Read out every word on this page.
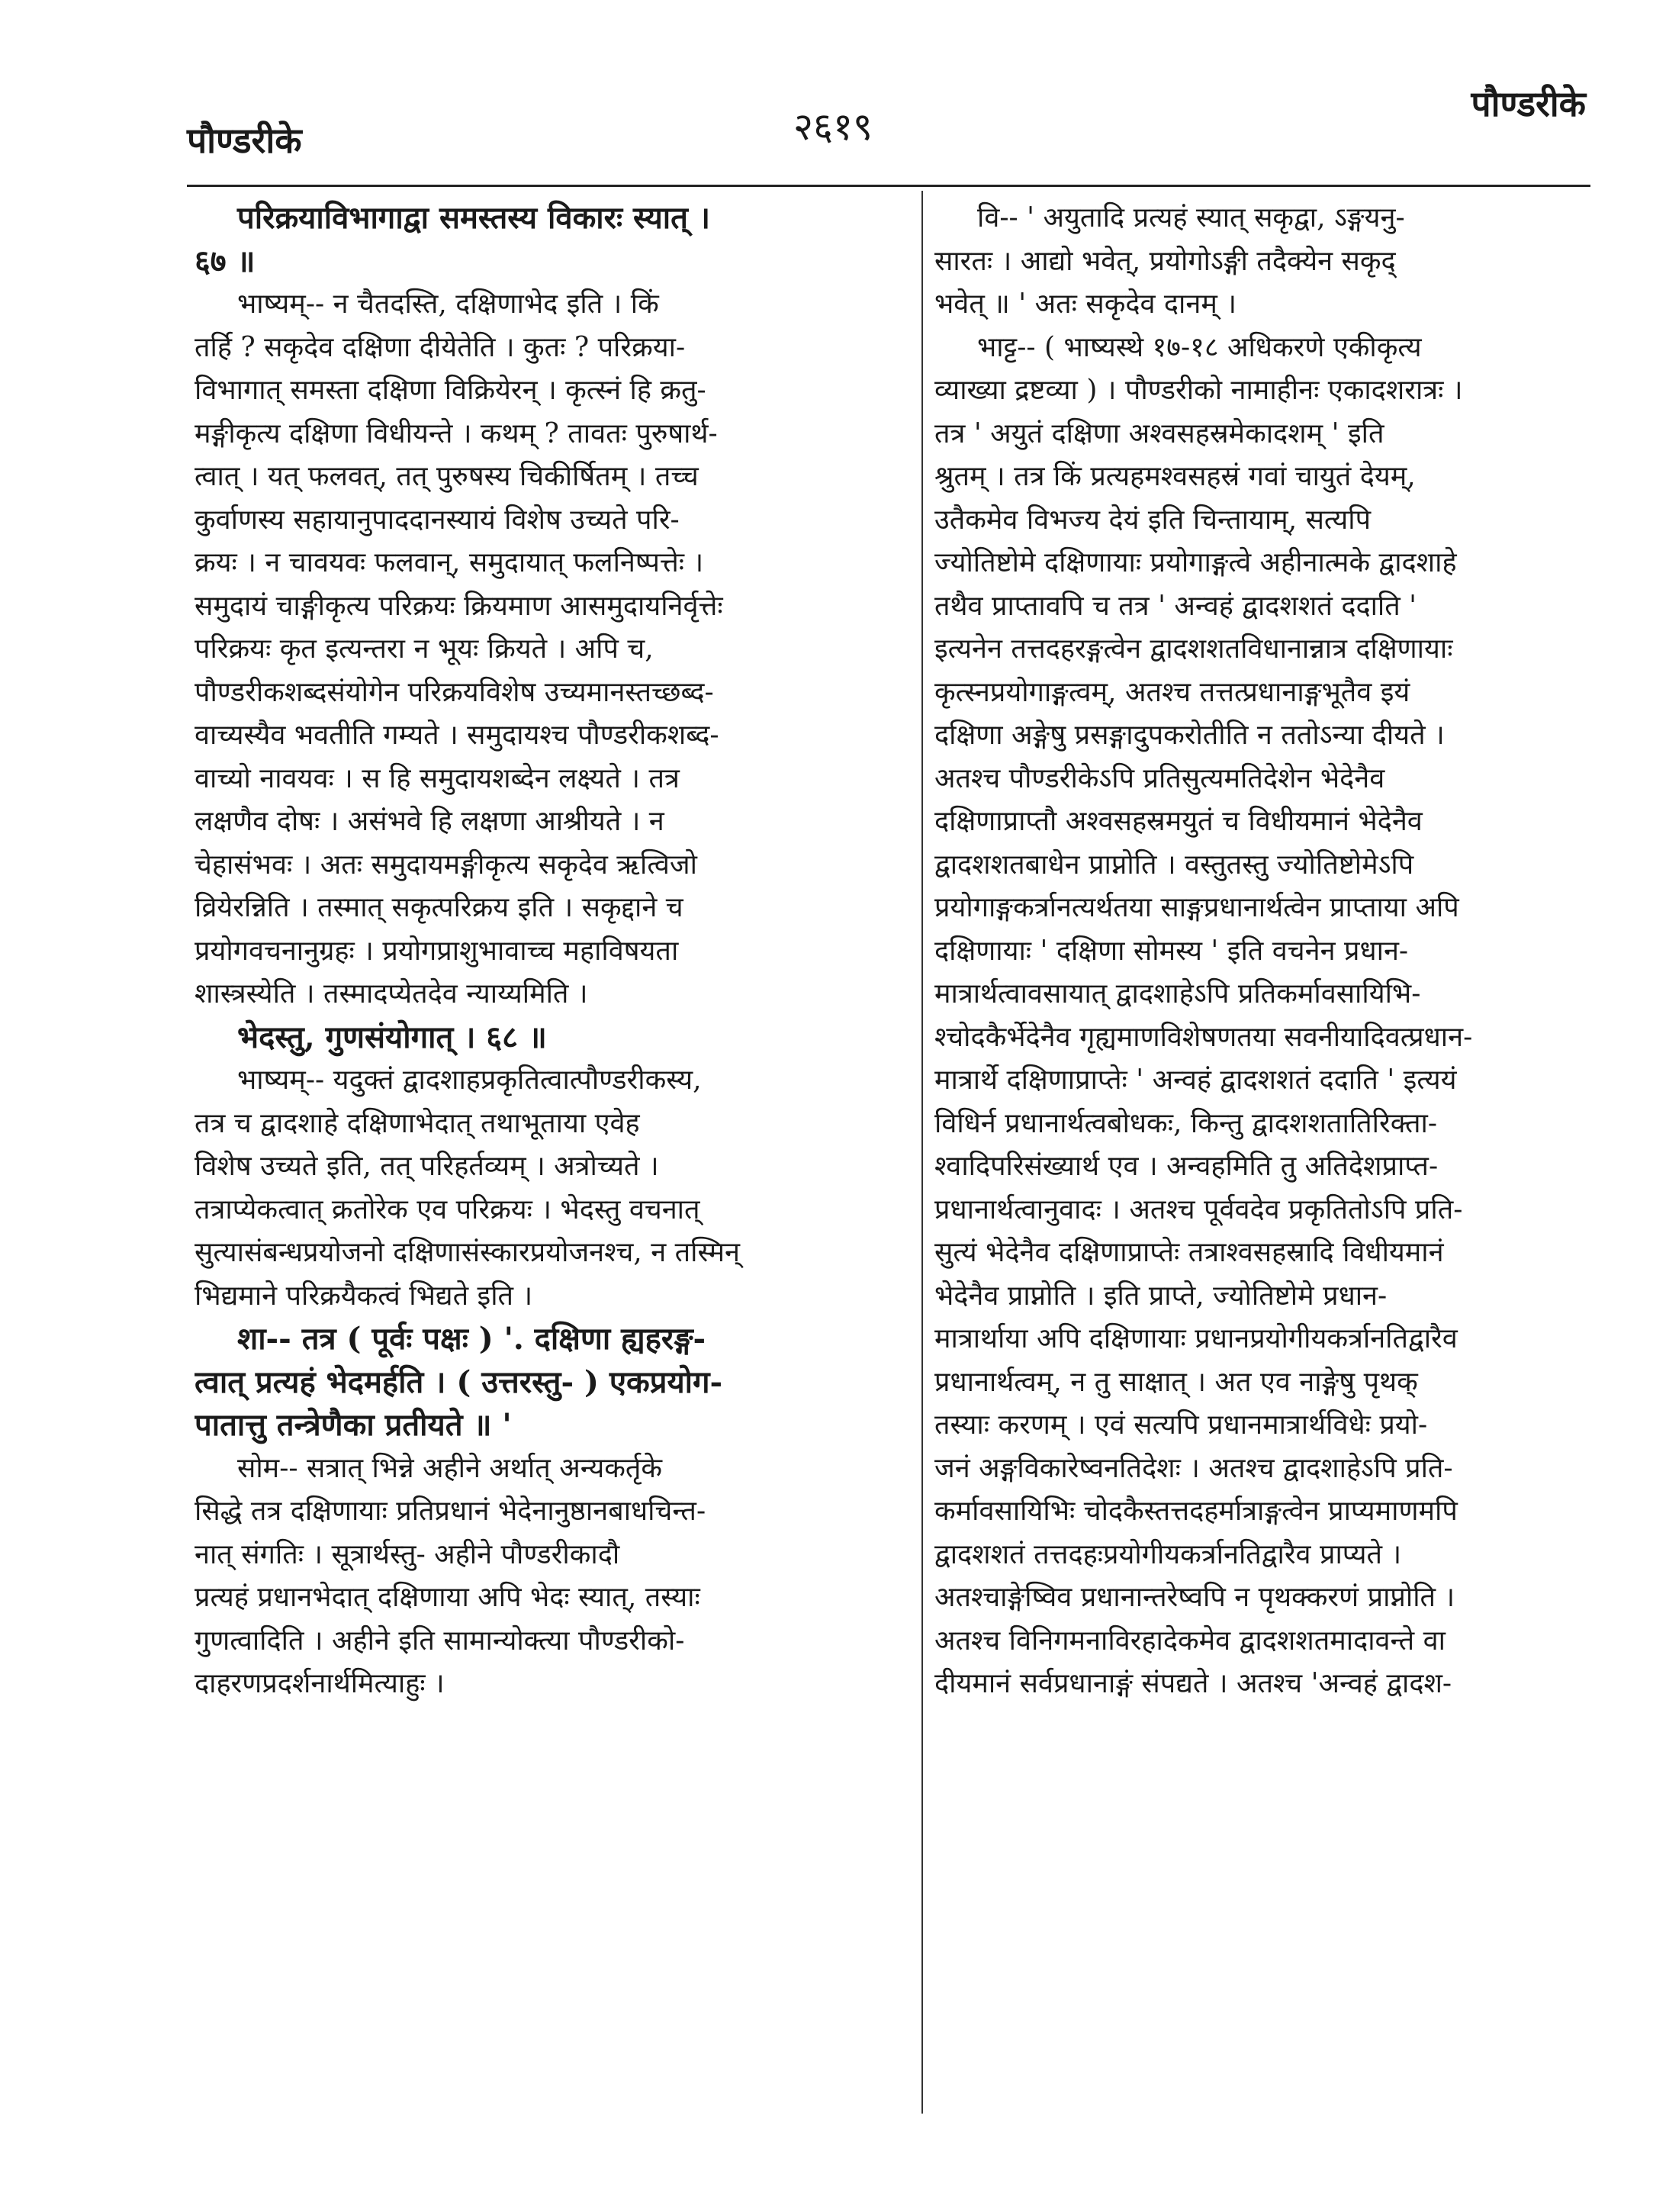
पौण्डरीके	२६१९
पौण्डरीके
परिक्रयाविभागाद्वा समस्तस्य विकारः स्यात् ।
६७ ॥
भाष्यम्-- न चैतदस्ति, दक्षिणाभेद इति । किं
तर्हि ? सकृदेव दक्षिणा दीयेतेति । कुतः ? परिक्रया-
विभागात् समस्ता दक्षिणा विक्रियेरन् । कृत्स्नं हि क्रतु-
मङ्गीकृत्य दक्षिणा विधीयन्ते । कथम् ? तावतः पुरुषार्थ-
त्वात् । यत् फलवत्, तत् पुरुषस्य चिकीर्षितम् । तच्च
कुर्वाणस्य सहायानुपाददानस्यायं विशेष उच्यते परि-
क्रयः । न चावयवः फलवान्, समुदायात् फलनिष्पत्तेः ।
समुदायं चाङ्गीकृत्य परिक्रयः क्रियमाण आसमुदायनिर्वृत्तेः
परिक्रयः कृत इत्यन्तरा न भूयः क्रियते । अपि च,
पौण्डरीकशब्दसंयोगेन परिक्रयविशेष उच्यमानस्तच्छब्द-
वाच्यस्यैव भवतीति गम्यते । समुदायश्च पौण्डरीकशब्द-
वाच्यो नावयवः । स हि समुदायशब्देन लक्ष्यते । तत्र
लक्षणैव दोषः । असंभवे हि लक्षणा आश्रीयते । न
चेहासंभवः । अतः समुदायमङ्गीकृत्य सकृदेव ऋत्विजो
व्रियेरन्निति । तस्मात् सकृत्परिक्रय इति । सकृद्दाने च
प्रयोगवचनानुग्रहः । प्रयोगप्राशुभावाच्च महाविषयता
शास्त्रस्येति । तस्मादप्येतदेव न्याय्यमिति ।
भेदस्तु, गुणसंयोगात् । ६८ ॥
भाष्यम्-- यदुक्तं द्वादशाहप्रकृतित्वात्पौण्डरीकस्य,
तत्र च द्वादशाहे दक्षिणाभेदात् तथाभूताया एवेह
विशेष उच्यते इति, तत् परिहर्तव्यम् । अत्रोच्यते ।
तत्राप्येकत्वात् क्रतोरेक एव परिक्रयः । भेदस्तु वचनात्
सुत्यासंबन्धप्रयोजनो दक्षिणासंस्कारप्रयोजनश्च, न तस्मिन्
भिद्यमाने परिक्रयैकत्वं भिद्यते इति ।
शा-- तत्र ( पूर्वः पक्षः ) '. दक्षिणा ह्यहरङ्ग-
त्वात् प्रत्यहं भेदमर्हति । ( उत्तरस्तु- ) एकप्रयोग-
पातात्तु तन्त्रेणैका प्रतीयते ॥ '
सोम-- सत्रात् भिन्ने अहीने अर्थात् अन्यकर्तृके
सिद्धे तत्र दक्षिणायाः प्रतिप्रधानं भेदेनानुष्ठानबाधचिन्त-
नात् संगतिः । सूत्रार्थस्तु- अहीने पौण्डरीकादौ
प्रत्यहं प्रधानभेदात् दक्षिणाया अपि भेदः स्यात्, तस्याः
गुणत्वादिति । अहीने इति सामान्योक्त्या पौण्डरीको-
दाहरणप्रदर्शनार्थमित्याहुः ।
वि-- ' अयुतादि प्रत्यहं स्यात् सकृद्वा, ऽङ्गयनु-
सारतः । आद्यो भवेत्, प्रयोगोऽङ्गी तदैक्येन सकृद्
भवेत् ॥ ' अतः सकृदेव दानम् ।
भाट्ट-- ( भाष्यस्थे १७-१८ अधिकरणे एकीकृत्य
व्याख्या द्रष्टव्या ) । पौण्डरीको नामाहीनः एकादशरात्रः ।
तत्र ' अयुतं दक्षिणा अश्वसहस्रमेकादशम् ' इति
श्रुतम् । तत्र किं प्रत्यहमश्वसहस्रं गवां चायुतं देयम्,
उतैकमेव विभज्य देयं इति चिन्तायाम्, सत्यपि
ज्योतिष्टोमे दक्षिणायाः प्रयोगाङ्गत्वे अहीनात्मके द्वादशाहे
तथैव प्राप्तावपि च तत्र ' अन्वहं द्वादशशतं ददाति '
इत्यनेन तत्तदहरङ्गत्वेन द्वादशशतविधानान्नात्र दक्षिणायाः
कृत्स्नप्रयोगाङ्गत्वम्, अतश्च तत्तत्प्रधानाङ्गभूतैव इयं
दक्षिणा अङ्गेषु प्रसङ्गादुपकरोतीति न ततोऽन्या दीयते ।
अतश्च पौण्डरीकेऽपि प्रतिसुत्यमतिदेशेन भेदेनैव
दक्षिणाप्राप्तौ अश्वसहस्रमयुतं च विधीयमानं भेदेनैव
द्वादशशतबाधेन प्राप्नोति । वस्तुतस्तु ज्योतिष्टोमेऽपि
प्रयोगाङ्गकर्त्रानत्यर्थतया साङ्गप्रधानार्थत्वेन प्राप्ताया अपि
दक्षिणायाः ' दक्षिणा सोमस्य ' इति वचनेन प्रधान-
मात्रार्थत्वावसायात् द्वादशाहेऽपि प्रतिकर्मावसायिभि-
श्चोदकैर्भेदेनैव गृह्यमाणविशेषणतया सवनीयादिवत्प्रधान-
मात्रार्थे दक्षिणाप्राप्तेः ' अन्वहं द्वादशशतं ददाति ' इत्ययं
विधिर्न प्रधानार्थत्वबोधकः, किन्तु द्वादशशतातिरिक्ता-
श्वादिपरिसंख्यार्थ एव । अन्वहमिति तु अतिदेशप्राप्त-
प्रधानार्थत्वानुवादः । अतश्च पूर्ववदेव प्रकृतितोऽपि प्रति-
सुत्यं भेदेनैव दक्षिणाप्राप्तेः तत्राश्वसहस्रादि विधीयमानं
भेदेनैव प्राप्नोति । इति प्राप्ते, ज्योतिष्टोमे प्रधान-
मात्रार्थाया अपि दक्षिणायाः प्रधानप्रयोगीयकर्त्रानतिद्वारैव
प्रधानार्थत्वम्, न तु साक्षात् । अत एव नाङ्गेषु पृथक्
तस्याः करणम् । एवं सत्यपि प्रधानमात्रार्थविधेः प्रयो-
जनं अङ्गविकारेष्वनतिदेशः । अतश्च द्वादशाहेऽपि प्रति-
कर्मावसायिभिः चोदकैस्तत्तदहर्मात्राङ्गत्वेन प्राप्यमाणमपि
द्वादशशतं तत्तदहःप्रयोगीयकर्त्रानतिद्वारैव प्राप्यते ।
अतश्चाङ्गेष्विव प्रधानान्तरेष्वपि न पृथक्करणं प्राप्नोति ।
अतश्च विनिगमनाविरहादेकमेव द्वादशशतमादावन्ते वा
दीयमानं सर्वप्रधानाङ्गं संपद्यते । अतश्च 'अन्वहं द्वादश-
